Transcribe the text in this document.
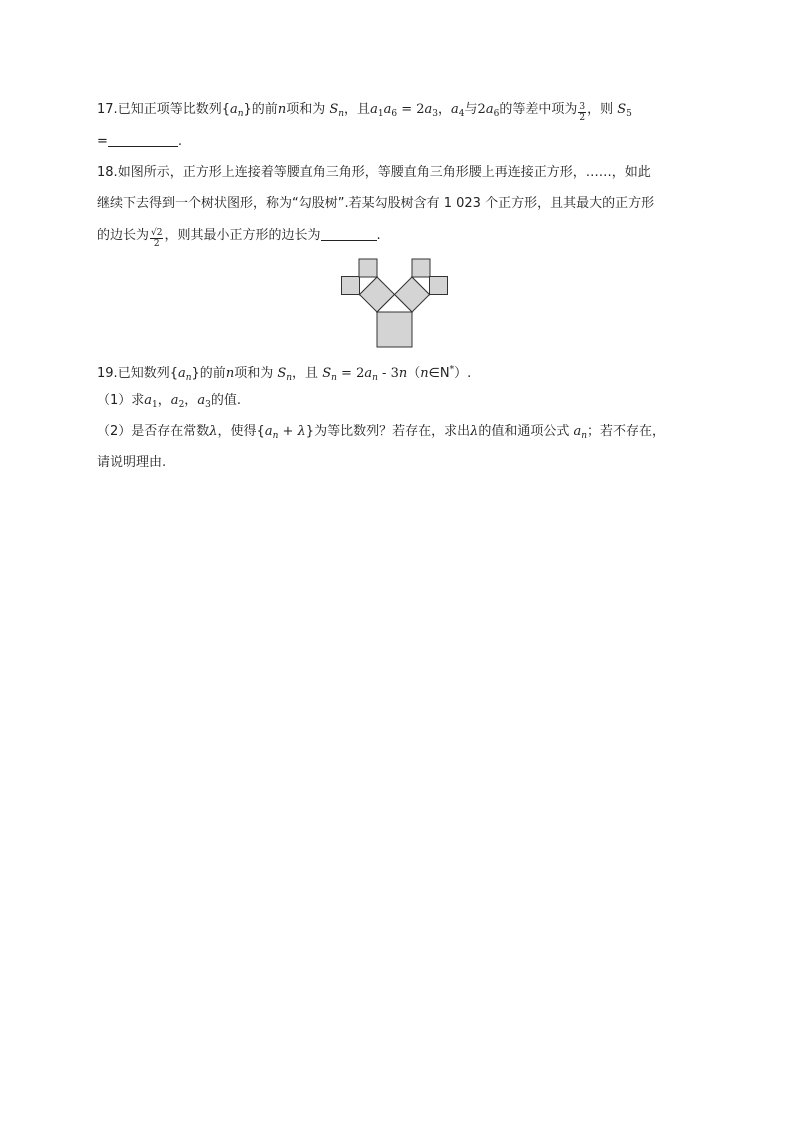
17.已知正项等比数列$\{a_n\}$的前n项和为 $S_n$，且$a_1a_6 = 2a_3$，$a_4$与$2a_6$的等差中项为 $\frac{3}{2}$ ，则 $S_5$
=	.
18.如图所示，正方形上连接着等腰直角三角形，等腰直角三角形腰上再连接正方形，……，如此
继续下去得到一个树状图形，称为“勾股树”.若某勾股树含有 1 023 个正方形，且其最大的正方形
的边长为 $\frac{√2}{2}$ ，则其最小正方形的边长为	.
19.已知数列$\{a_n\}$的前n项和为 $S_n$，且 $S_n = 2a_n$ - 3n（n∈N*）.
（1）求$a_1$，$a_2$，$a_3$的值.
（2）是否存在常数λ，使得$\{a_n + \lambda\}$为等比数列？若存在，求出λ的值和通项公式 $a_n$；若不存在，
请说明理由.
